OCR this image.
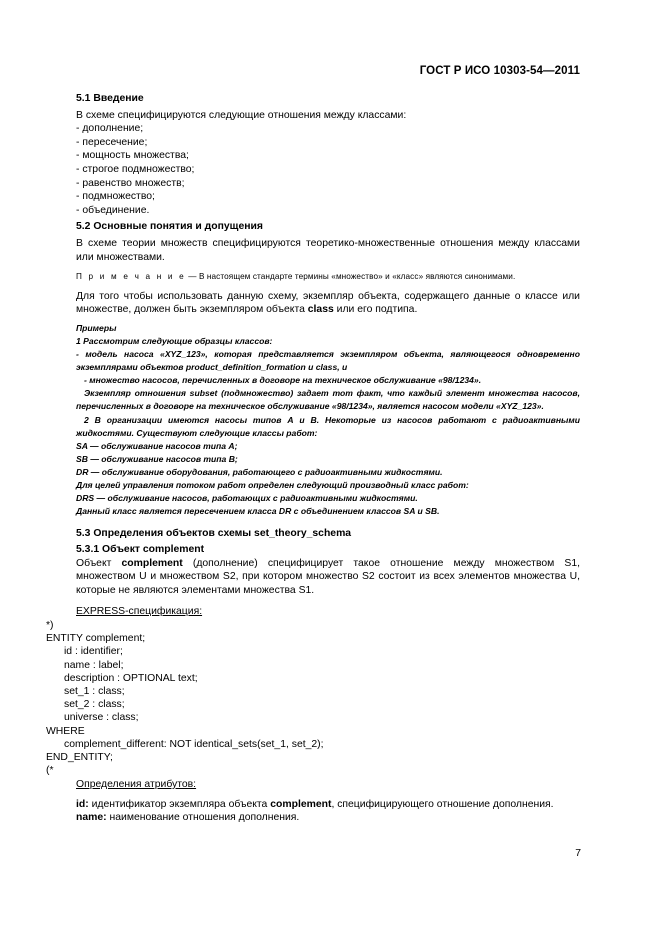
ГОСТ Р ИСО 10303-54—2011

5.1 Введение

В схеме специфицируются следующие отношения между классами:

- дополнение;
- пересечение;
- мощность множества;
- строгое подмножество;
- равенство множеств;
- подмножество;
- объединение.

5.2 Основные понятия и допущения

В схеме теории множеств специфицируются теоретико-множественные отношения между классами или множествами.

П р и м е ч а н и е — В настоящем стандарте термины «множество» и «класс» являются синонимами.

Для того чтобы использовать данную схему, экземпляр объекта, содержащего данные о классе или множестве, должен быть экземпляром объекта class или его подтипа.

Примеры
1 Рассмотрим следующие образцы классов:
- модель насоса «XYZ_123», которая представляется экземпляром объекта, являющегося одновременно экземплярами объектов product_definition_formation и class, и
- множество насосов, перечисленных в договоре на техническое обслуживание «98/1234».
Экземпляр отношения subset (подмножество) задает тот факт, что каждый элемент множества насосов, перечисленных в договоре на техническое обслуживание «98/1234», является насосом модели «XYZ_123».
2 В организации имеются насосы типов А и В. Некоторые из насосов работают с радиоактивными жидкостями. Существуют следующие классы работ:
SA — обслуживание насосов типа А;
SB — обслуживание насосов типа В;
DR — обслуживание оборудования, работающего с радиоактивными жидкостями.
Для целей управления потоком работ определен следующий производный класс работ:
DRS — обслуживание насосов, работающих с радиоактивными жидкостями.
Данный класс является пересечением класса DR с объединением классов SA и SB.

5.3 Определения объектов схемы set_theory_schema

5.3.1 Объект complement

Объект complement (дополнение) специфицирует такое отношение между множеством S1, множеством U и множеством S2, при котором множество S2 состоит из всех элементов множества U, которые не являются элементами множества S1.

EXPRESS-спецификация:

*)
ENTITY complement;
id : identifier;
name : label;
description : OPTIONAL text;
set_1 : class;
set_2 : class;
universe : class;
WHERE
complement_different: NOT identical_sets(set_1, set_2);
END_ENTITY;
(*

Определения атрибутов:

id: идентификатор экземпляра объекта complement, специфицирующего отношение дополнения.

name: наименование отношения дополнения.

7
